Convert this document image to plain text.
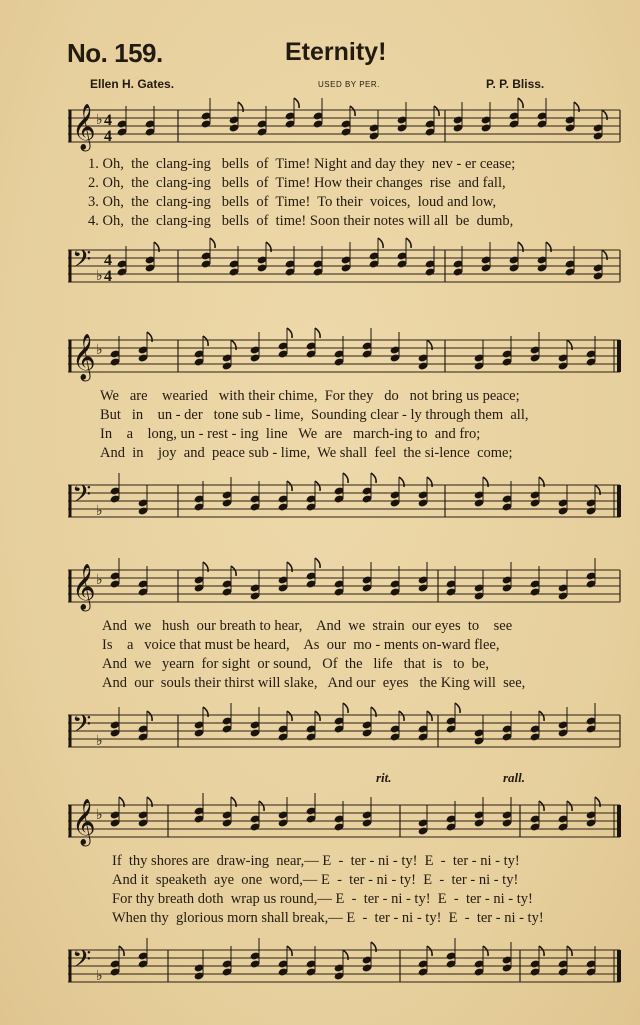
No. 159.	Eternity!
Ellen H. Gates.	USED BY PER.	P. P. Bliss.
𝄞 ♭ 4
4
𝄢 ♭
4
4
1. Oh,  the  clang-ing   bells  of  Time! Night and day they  nev - er cease;
2. Oh,  the  clang-ing   bells  of  Time! How their changes  rise  and fall,
3. Oh,  the  clang-ing   bells  of  Time!  To their  voices,  loud and low,
4. Oh,  the  clang-ing   bells  of  time! Soon their notes will all  be  dumb,
𝄞 ♭
𝄢 ♭
We   are    wearied   with their chime,  For they   do   not bring us peace;
But   in    un - der   tone sub - lime,  Sounding clear - ly through them  all,
In    a    long, un - rest - ing  line   We  are   march-ing to  and fro;
And  in    joy  and  peace sub - lime,  We shall  feel  the si-lence  come;
𝄞 ♭
𝄢 ♭
And  we   hush  our breath to hear,    And  we  strain  our eyes  to    see
Is    a   voice that must be heard,    As  our  mo - ments on-ward flee,
And  we   yearn  for sight  or sound,   Of  the   life   that  is   to  be,
And  our  souls their thirst will slake,   And our  eyes   the King will  see,
rit.	rall.
𝄞 ♭
𝄢 ♭
If  thy shores are  draw-ing  near,— E  -  ter - ni - ty!  E  -  ter - ni - ty!
And it  speaketh  aye  one  word,— E  -  ter - ni - ty!  E  -  ter - ni - ty!
For thy breath doth  wrap us round,— E  -  ter - ni - ty!  E  -  ter - ni - ty!
When thy  glorious morn shall break,— E  -  ter - ni - ty!  E  -  ter - ni - ty!
